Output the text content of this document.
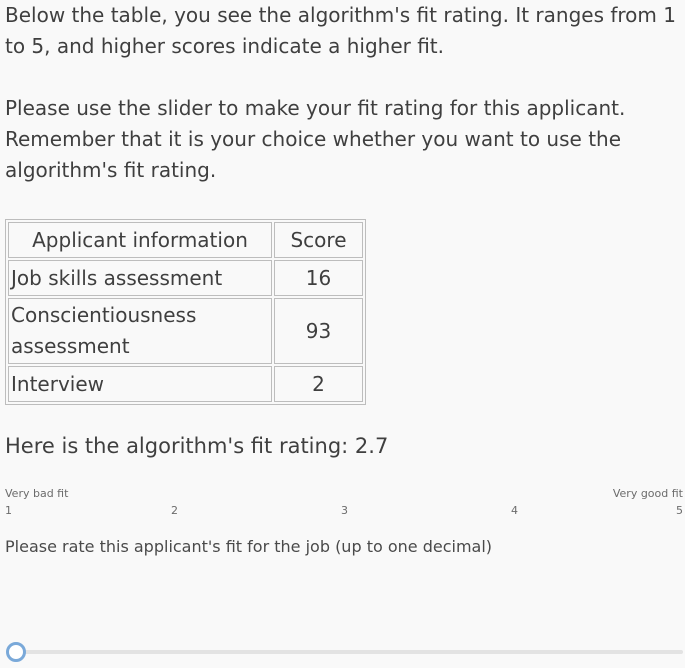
Below the table, you see the algorithm's fit rating. It ranges from 1 to 5, and higher scores indicate a higher fit.

Please use the slider to make your fit rating for this applicant. Remember that it is your choice whether you want to use the algorithm's fit rating.

Applicant information	Score
Job skills assessment	16
Conscientiousness assessment	93
Interview	2
Here is the algorithm's fit rating: 2.7
Very bad fit	Very good fit
1	2	3	4	5
Please rate this applicant's fit for the job (up to one decimal)
